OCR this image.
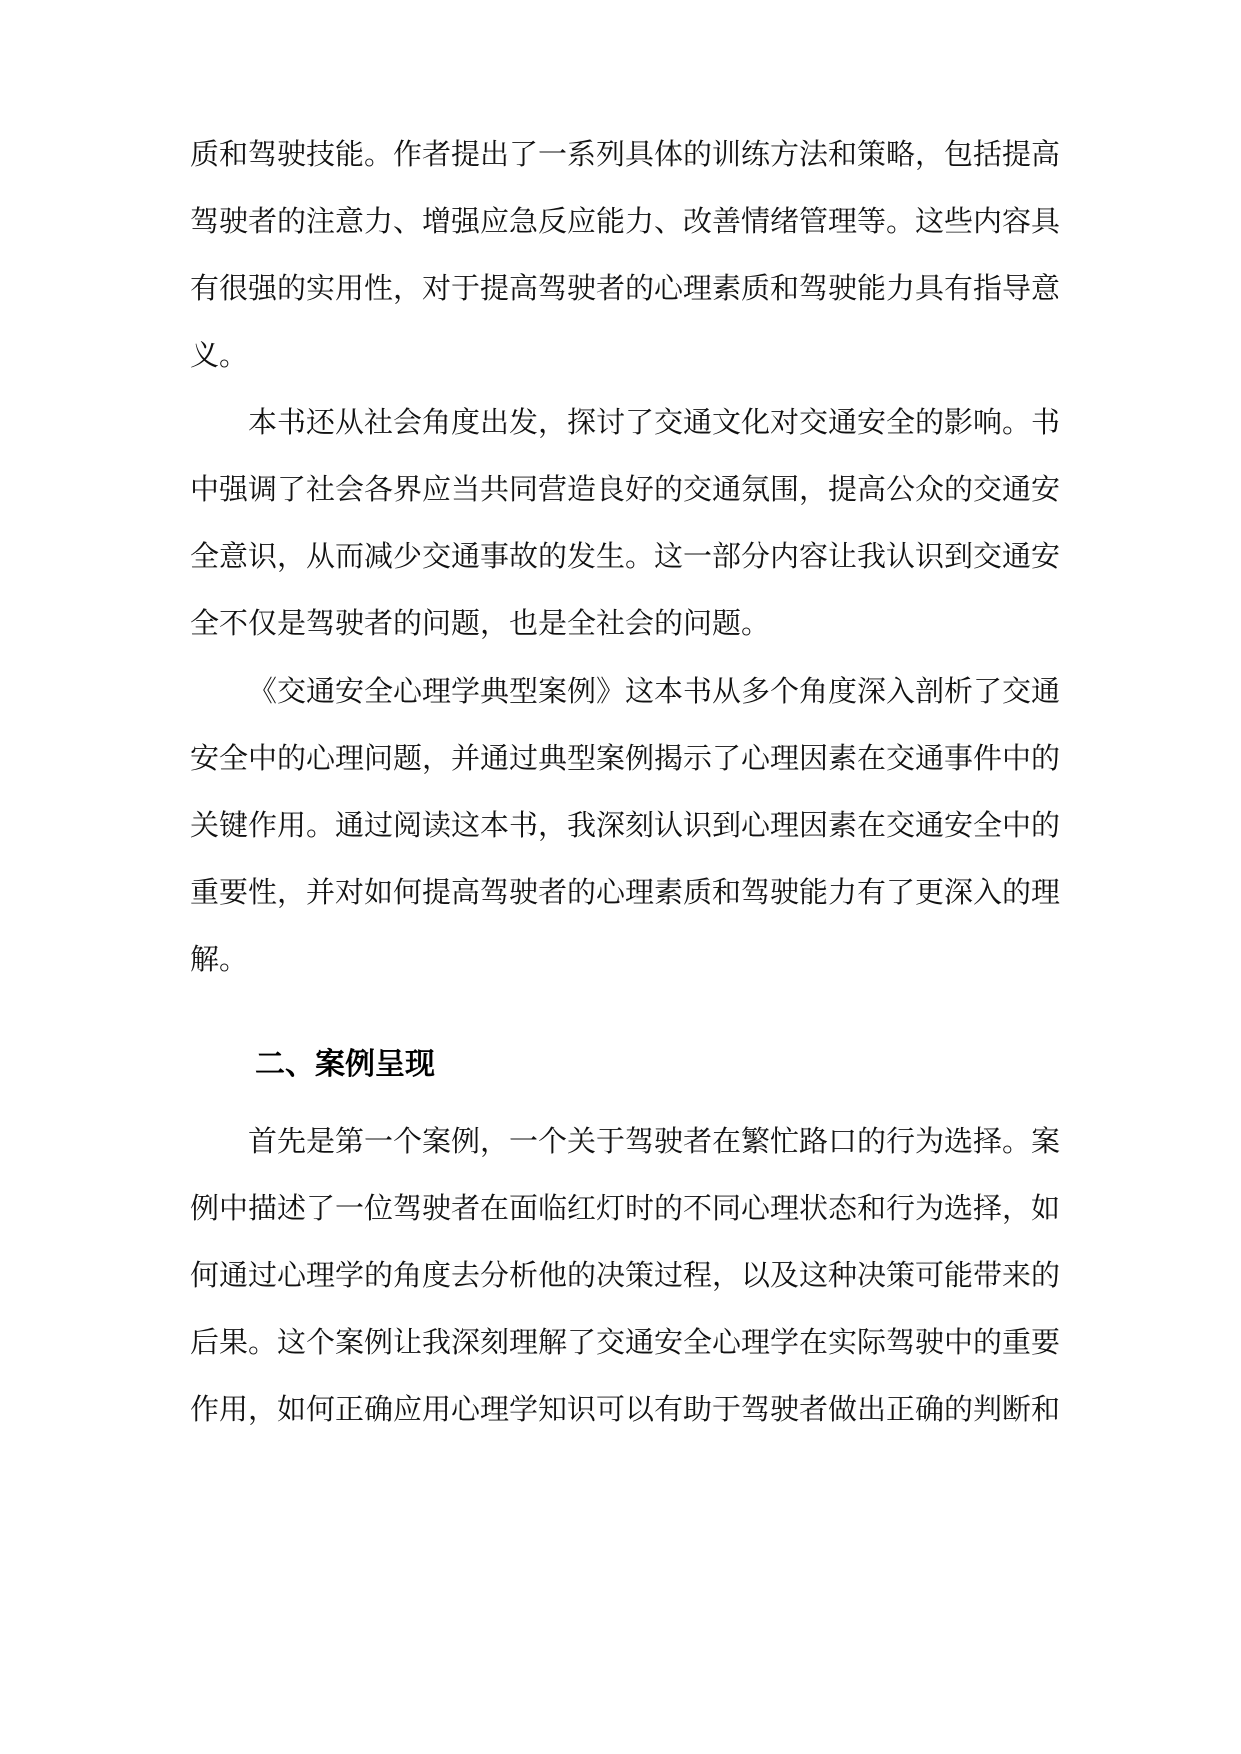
质和驾驶技能。作者提出了一系列具体的训练方法和策略，包括提高
驾驶者的注意力、增强应急反应能力、改善情绪管理等。这些内容具
有很强的实用性，对于提高驾驶者的心理素质和驾驶能力具有指导意
义。
本书还从社会角度出发，探讨了交通文化对交通安全的影响。书
中强调了社会各界应当共同营造良好的交通氛围，提高公众的交通安
全意识，从而减少交通事故的发生。这一部分内容让我认识到交通安
全不仅是驾驶者的问题，也是全社会的问题。
《交通安全心理学典型案例》这本书从多个角度深入剖析了交通
安全中的心理问题，并通过典型案例揭示了心理因素在交通事件中的
关键作用。通过阅读这本书，我深刻认识到心理因素在交通安全中的
重要性，并对如何提高驾驶者的心理素质和驾驶能力有了更深入的理
解。
二、案例呈现
首先是第一个案例，一个关于驾驶者在繁忙路口的行为选择。案
例中描述了一位驾驶者在面临红灯时的不同心理状态和行为选择，如
何通过心理学的角度去分析他的决策过程，以及这种决策可能带来的
后果。这个案例让我深刻理解了交通安全心理学在实际驾驶中的重要
作用，如何正确应用心理学知识可以有助于驾驶者做出正确的判断和
